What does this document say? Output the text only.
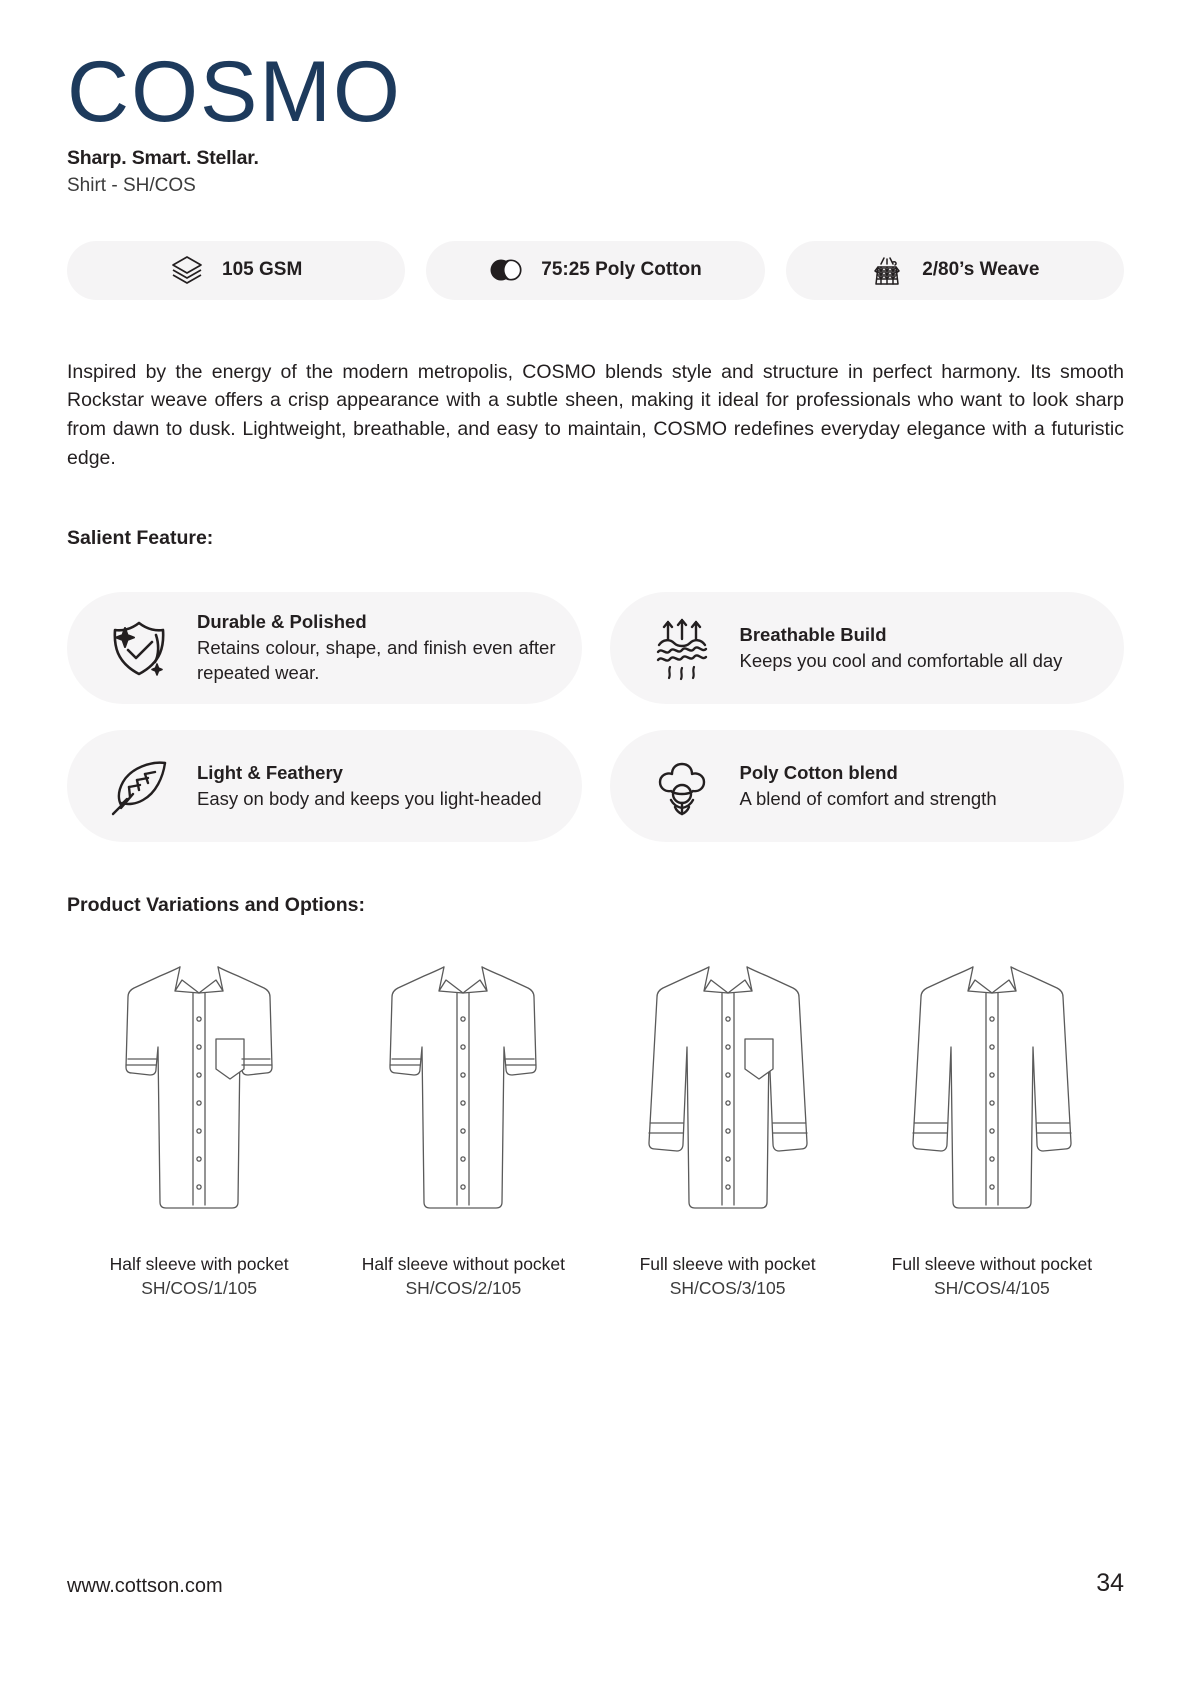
COSMO
Sharp. Smart. Stellar.
Shirt - SH/COS
105 GSM	75:25 Poly Cotton	2/80’s Weave

Inspired by the energy of the modern metropolis, COSMO blends style and structure in perfect harmony. Its smooth Rockstar weave offers a crisp appearance with a subtle sheen, making it ideal for professionals who want to look sharp from dawn to dusk. Lightweight, breathable, and easy to maintain, COSMO redefines everyday elegance with a futuristic edge.

Salient Feature:
Durable & Polished
Retains colour, shape, and finish even after repeated wear.
Breathable Build
Keeps you cool and comfortable all day
Light & Feathery
Easy on body and keeps you light-headed
Poly Cotton blend
A blend of comfort and strength
Product Variations and Options:
Half sleeve with pocket
SH/COS/1/105
Half sleeve without pocket
SH/COS/2/105
Full sleeve with pocket
SH/COS/3/105
Full sleeve without pocket
SH/COS/4/105
www.cottson.com	34
